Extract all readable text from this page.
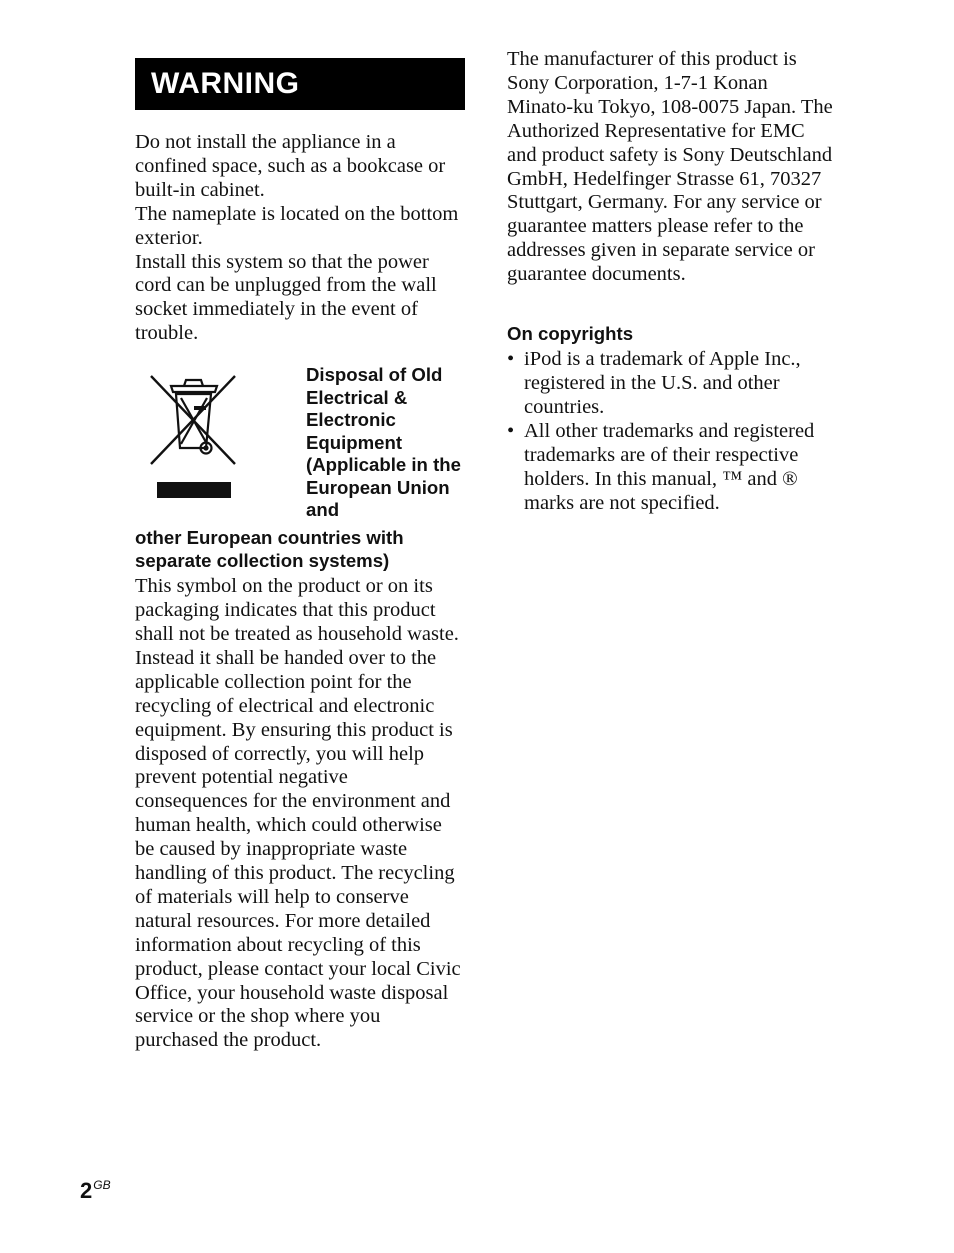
WARNING

Do not install the appliance in a confined space, such as a bookcase or built-in cabinet.

The nameplate is located on the bottom exterior.

Install this system so that the power cord can be unplugged from the wall socket immediately in the event of trouble.

Disposal of Old Electrical & Electronic Equipment (Applicable in the European Union and
other European countries with separate collection systems)

This symbol on the product or on its packaging indicates that this product shall not be treated as household waste. Instead it shall be handed over to the applicable collection point for the recycling of electrical and electronic equipment. By ensuring this product is disposed of correctly, you will help prevent potential negative consequences for the environment and human health, which could otherwise be caused by inappropriate waste handling of this product. The recycling of materials will help to conserve natural resources. For more detailed information about recycling of this product, please contact your local Civic Office, your household waste disposal service or the shop where you purchased the product.

The manufacturer of this product is Sony Corporation, 1-7-1 Konan Minato-ku Tokyo, 108-0075 Japan. The Authorized Representative for EMC and product safety is Sony Deutschland GmbH, Hedelfinger Strasse 61, 70327 Stuttgart, Germany. For any service or guarantee matters please refer to the addresses given in separate service or guarantee documents.

On copyrights
• iPod is a trademark of Apple Inc., registered in the U.S. and other countries.
• All other trademarks and registered trademarks are of their respective holders. In this manual, ™ and ® marks are not specified.
$2^{GB}$
